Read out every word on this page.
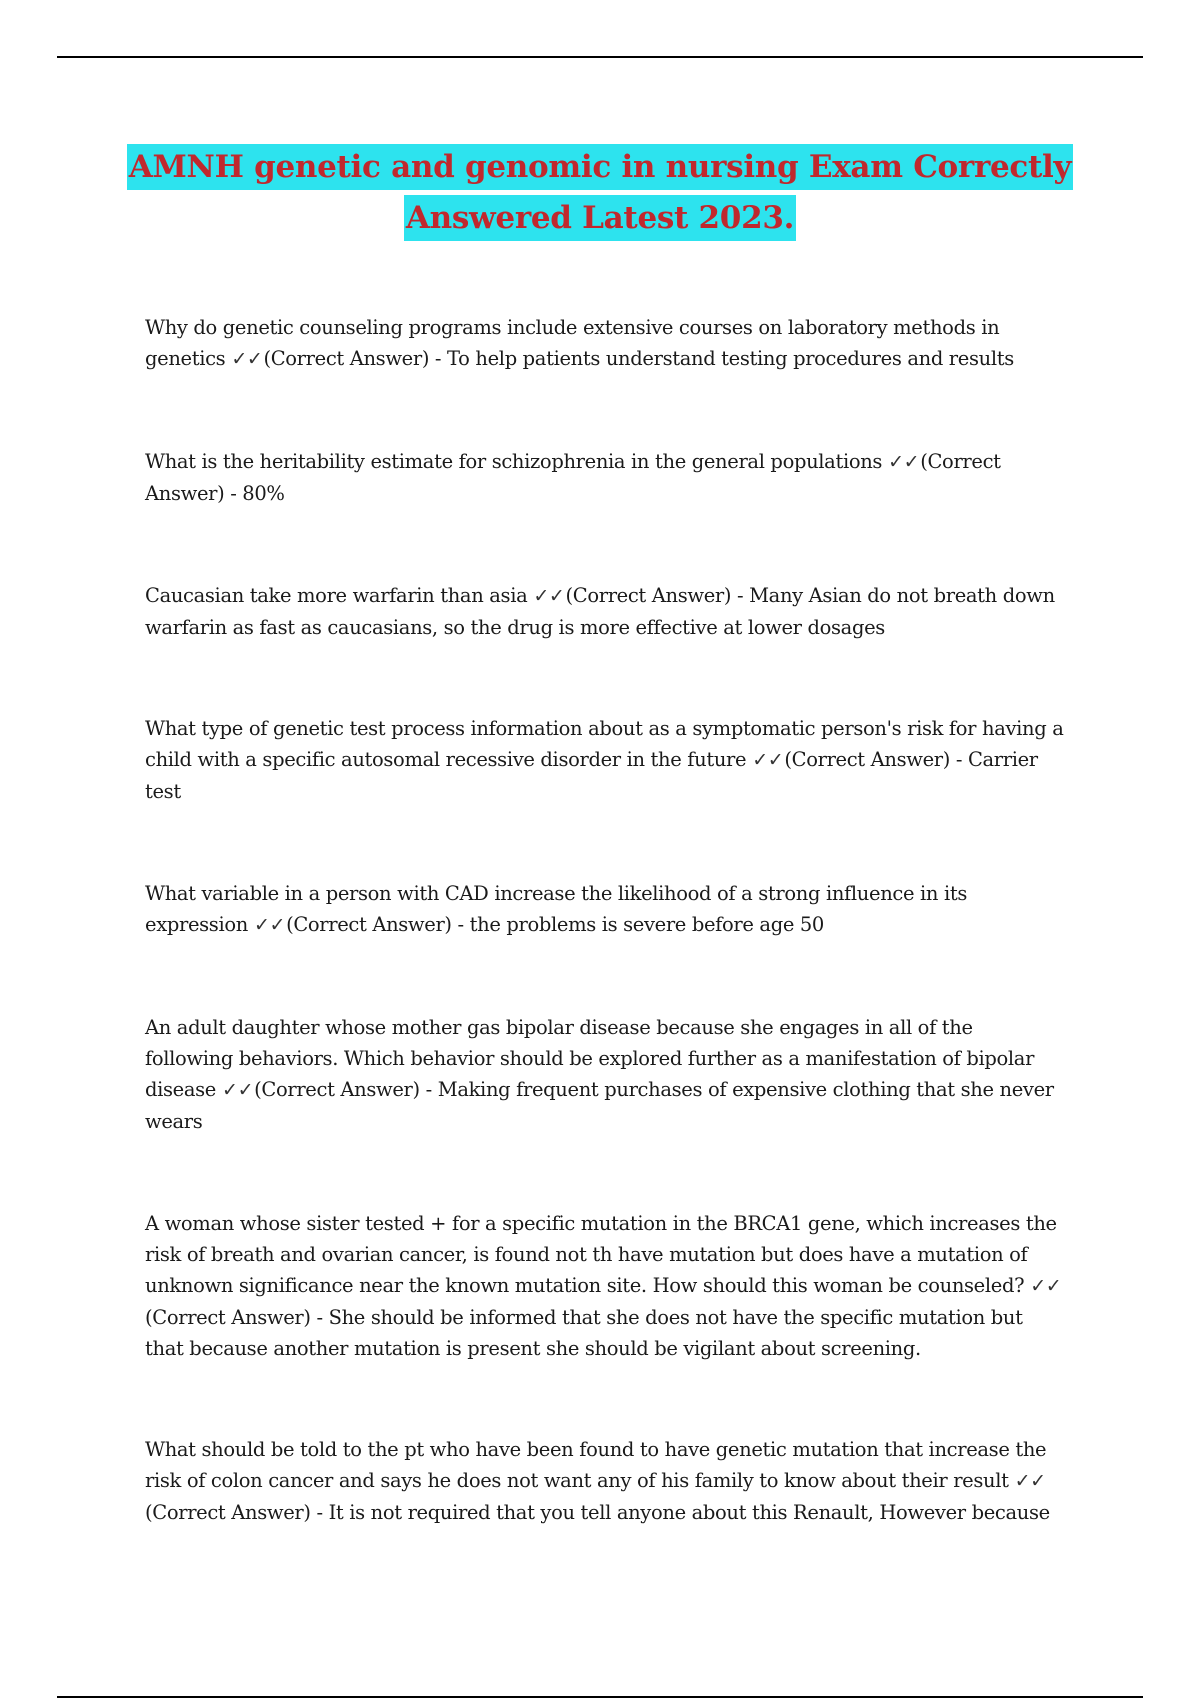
AMNH genetic and genomic in nursing Exam Correctly
Answered Latest 2023.

Why do genetic counseling programs include extensive courses on laboratory methods in genetics ✓✓(Correct Answer) - To help patients understand testing procedures and results

What is the heritability estimate for schizophrenia in the general populations ✓✓(Correct Answer) - 80%

Caucasian take more warfarin than asia ✓✓(Correct Answer) - Many Asian do not breath down warfarin as fast as caucasians, so the drug is more effective at lower dosages

What type of genetic test process information about as a symptomatic person's risk for having a child with a specific autosomal recessive disorder in the future ✓✓(Correct Answer) - Carrier test

What variable in a person with CAD increase the likelihood of a strong influence in its expression ✓✓(Correct Answer) - the problems is severe before age 50

An adult daughter whose mother gas bipolar disease because she engages in all of the following behaviors. Which behavior should be explored further as a manifestation of bipolar disease ✓✓(Correct Answer) - Making frequent purchases of expensive clothing that she never wears

A woman whose sister tested + for a specific mutation in the BRCA1 gene, which increases the risk of breath and ovarian cancer, is found not th have mutation but does have a mutation of unknown significance near the known mutation site. How should this woman be counseled? ✓✓(Correct Answer) - She should be informed that she does not have the specific mutation but that because another mutation is present she should be vigilant about screening.

What should be told to the pt who have been found to have genetic mutation that increase the risk of colon cancer and says he does not want any of his family to know about their result ✓✓(Correct Answer) - It is not required that you tell anyone about this Renault, However because
